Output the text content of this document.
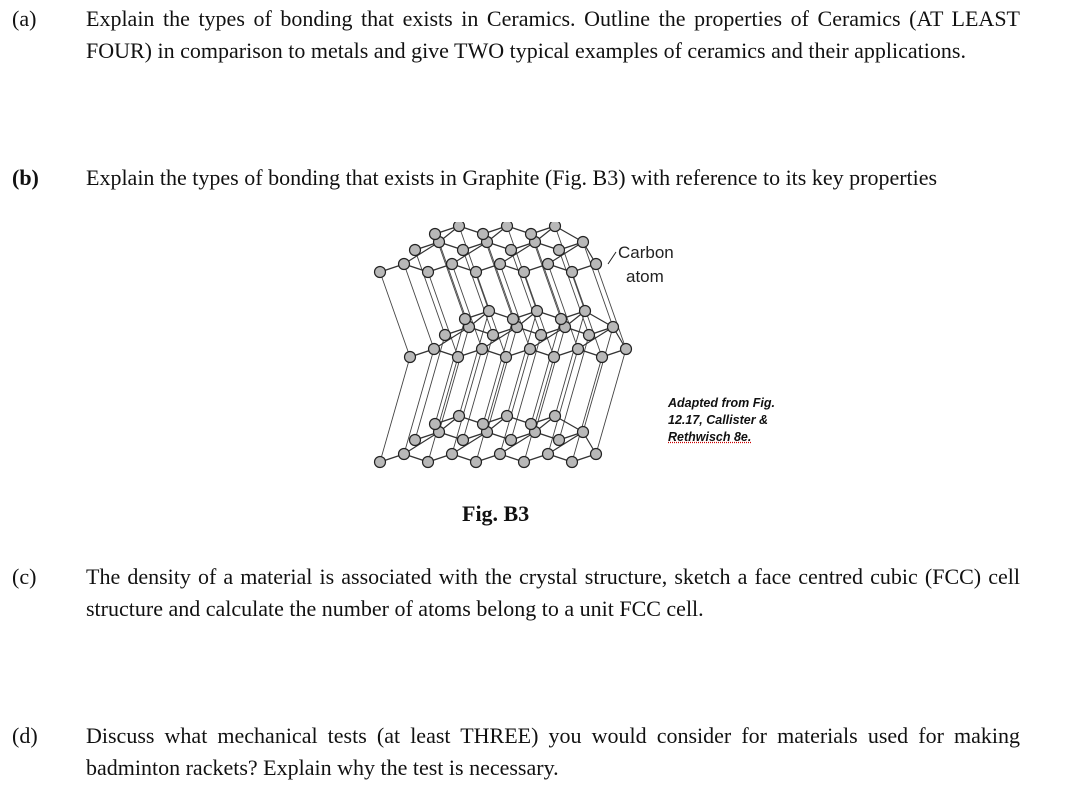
(a) Explain the types of bonding that exists in Ceramics. Outline the properties of Ceramics (AT LEAST FOUR) in comparison to metals and give TWO typical examples of ceramics and their applications.
(b) Explain the types of bonding that exists in Graphite (Fig. B3) with reference to its key properties
Carbon
atom
Adapted from Fig.
12.17, Callister &
Rethwisch 8e.
Fig. B3
(c) The density of a material is associated with the crystal structure, sketch a face centred cubic (FCC) cell structure and calculate the number of atoms belong to a unit FCC cell.
(d) Discuss what mechanical tests (at least THREE) you would consider for materials used for making badminton rackets? Explain why the test is necessary.
